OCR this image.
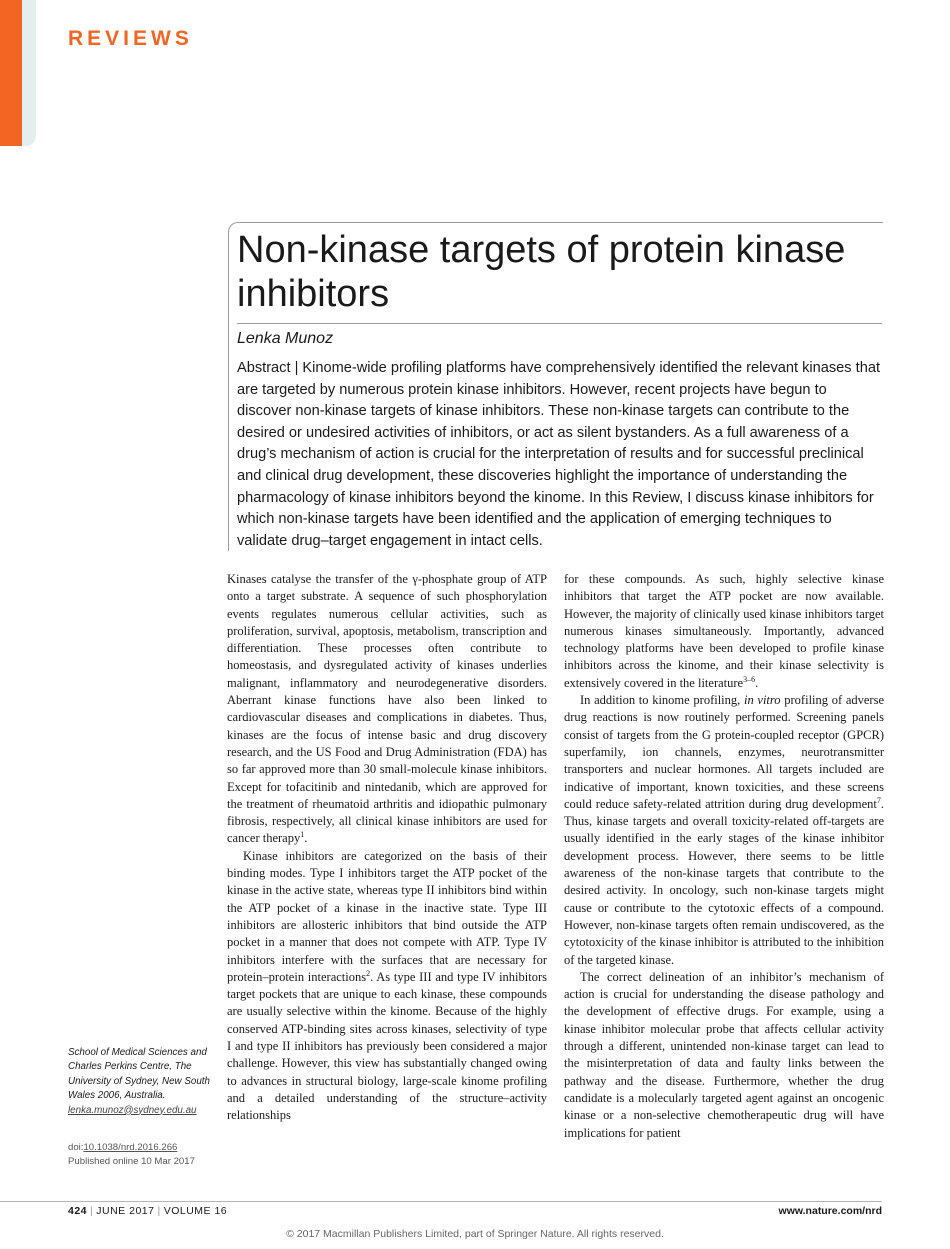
REVIEWS
Non-kinase targets of protein kinase inhibitors
Lenka Munoz
Abstract | Kinome-wide profiling platforms have comprehensively identified the relevant kinases that are targeted by numerous protein kinase inhibitors. However, recent projects have begun to discover non-kinase targets of kinase inhibitors. These non-kinase targets can contribute to the desired or undesired activities of inhibitors, or act as silent bystanders. As a full awareness of a drug’s mechanism of action is crucial for the interpretation of results and for successful preclinical and clinical drug development, these discoveries highlight the importance of understanding the pharmacology of kinase inhibitors beyond the kinome. In this Review, I discuss kinase inhibitors for which non-kinase targets have been identified and the application of emerging techniques to validate drug–target engagement in intact cells.

Kinases catalyse the transfer of the γ-phosphate group of ATP onto a target substrate. A sequence of such phosphorylation events regulates numerous cellular activities, such as proliferation, survival, apoptosis, metabolism, transcription and differentiation. These processes often contribute to homeostasis, and dysregulated activity of kinases underlies malignant, inflammatory and neurodegenerative disorders. Aberrant kinase functions have also been linked to cardiovascular diseases and complications in diabetes. Thus, kinases are the focus of intense basic and drug discovery research, and the US Food and Drug Administration (FDA) has so far approved more than 30 small-molecule kinase inhibitors. Except for tofacitinib and nintedanib, which are approved for the treatment of rheumatoid arthritis and idiopathic pulmonary fibrosis, respectively, all clinical kinase inhibitors are used for cancer therapy$^1$.

Kinase inhibitors are categorized on the basis of their binding modes. Type I inhibitors target the ATP pocket of the kinase in the active state, whereas type II inhibitors bind within the ATP pocket of a kinase in the inactive state. Type III inhibitors are allosteric inhibitors that bind outside the ATP pocket in a manner that does not compete with ATP. Type IV inhibitors interfere with the surfaces that are necessary for protein–protein interactions$^2$. As type III and type IV inhibitors target pockets that are unique to each kinase, these compounds are usually selective within the kinome. Because of the highly conserved ATP-binding sites across kinases, selectivity of type I and type II inhibitors has previously been considered a major challenge. However, this view has substantially changed owing to advances in structural biology, large-scale kinome profiling and a detailed understanding of the structure–activity relationships

for these compounds. As such, highly selective kinase inhibitors that target the ATP pocket are now available. However, the majority of clinically used kinase inhibitors target numerous kinases simultaneously. Importantly, advanced technology platforms have been developed to profile kinase inhibitors across the kinome, and their kinase selectivity is extensively covered in the literature$^{3-6}$.

In addition to kinome profiling, in vitro profiling of adverse drug reactions is now routinely performed. Screening panels consist of targets from the G protein-coupled receptor (GPCR) superfamily, ion channels, enzymes, neurotransmitter transporters and nuclear hormones. All targets included are indicative of important, known toxicities, and these screens could reduce safety-related attrition during drug development$^7$. Thus, kinase targets and overall toxicity-related off-targets are usually identified in the early stages of the kinase inhibitor development process. However, there seems to be little awareness of the non-kinase targets that contribute to the desired activity. In oncology, such non-kinase targets might cause or contribute to the cytotoxic effects of a compound. However, non-kinase targets often remain undiscovered, as the cytotoxicity of the kinase inhibitor is attributed to the inhibition of the targeted kinase.

The correct delineation of an inhibitor’s mechanism of action is crucial for understanding the disease pathology and the development of effective drugs. For example, using a kinase inhibitor molecular probe that affects cellular activity through a different, unintended non-kinase target can lead to the misinterpretation of data and faulty links between the pathway and the disease. Furthermore, whether the drug candidate is a molecularly targeted agent against an oncogenic kinase or a non-selective chemotherapeutic drug will have implications for patient

School of Medical Sciences and Charles Perkins Centre, The University of Sydney, New South Wales 2006, Australia.
lenka.munoz@sydney.edu.au
doi:10.1038/nrd.2016.266
Published online 10 Mar 2017
424 | JUNE 2017 | VOLUME 16	www.nature.com/nrd
© 2017 Macmillan Publishers Limited, part of Springer Nature. All rights reserved.
